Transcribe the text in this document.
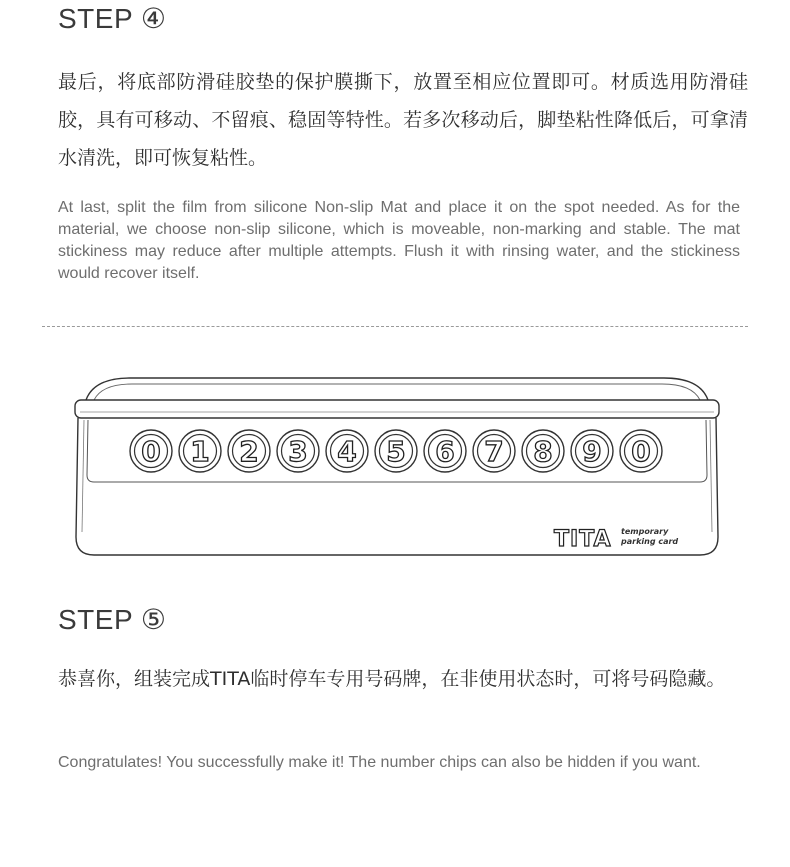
STEP ④
最后，将底部防滑硅胶垫的保护膜撕下，放置至相应位置即可。材质选用防滑硅胶，具有可移动、不留痕、稳固等特性。若多次移动后，脚垫粘性降低后，可拿清水清洗，即可恢复粘性。
At last, split the film from silicone Non-slip Mat and place it on the spot needed. As for the material, we choose non-slip silicone, which is moveable, non-marking and stable. The mat stickiness may reduce after multiple attempts. Flush it with rinsing water, and the stickiness would recover itself.
0 1 2 3 4 5 6 7 8 9 0
TITA temporary
parking card
STEP ⑤
恭喜你，组装完成TITA临时停车专用号码牌，在非使用状态时，可将号码隐藏。
Congratulates! You successfully make it! The number chips can also be hidden if you want.
